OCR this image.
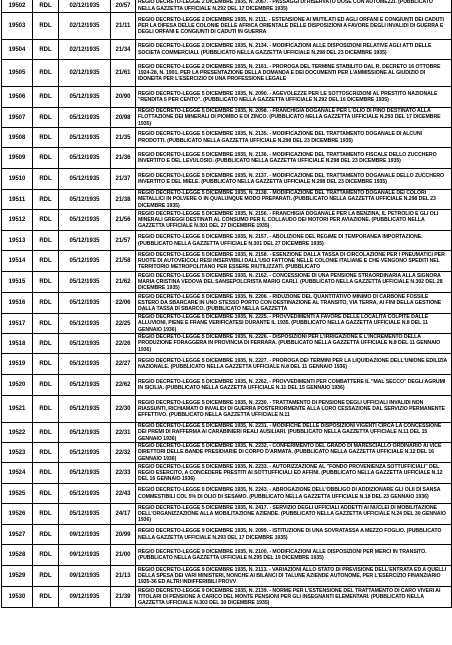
19502	RDL	02/12/1935	20/57	REGIO DECRETO-LEGGE 2 DICEMBRE 1935, N. 2067. - PASSAGGI DI RISERVATO DOSE CON AUTOMEZZI. (PUBBLICATO NELLA GAZZETTA UFFICIALE N.292 DEL 17 DICEMBRE 1935)
19503	RDL	02/12/1935	21/11	REGIO DECRETO-LEGGE 2 DICEMBRE 1935, N. 2111. - ESTENSIONE AI MUTILATI ED AGLI ORFANI E CONGIUNTI DEI CADUTI PER LA DIFESA DELLE COLONIE DELLE AFRICA ORIENTALE DELLE DISPOSIZIONI A FAVORE DEGLI INVALIDI DI GUERRA E DEGLI ORFANI E CONGIUNTI DI CADUTI IN GUERRA
19504	RDL	02/12/1935	21/34	REGIO DECRETO-LEGGE 2 DICEMBRE 1935, N. 2134. - MODIFICAZIONI ALLE DISPOSIZIONI RELATIVE AGLI ATTI DELLE SOCIETA COMMERCIALI. (PUBBLICATO NELLA GAZZETTA UFFICIALE N.298 DEL 23 DICEMBRE 1935)
19505	RDL	02/12/1935	21/61	REGIO DECRETO-LEGGE 2 DICEMBRE 1935, N. 2161. - PROROGA DEL TERMINE STABILITO DAL R. DECRETO 16 OTTOBRE 1924-28, N. 1901, PER LA PRESENTAZIONE DELLA DOMANDA E DEI DOCUMENTI PER L'AMMISSIONE AL GIUDIZIO DI IDONEITA PER L'ESERCIZIO DI UNA PROFESSIONE LEGALE
19506	RDL	05/12/1935	20/90	REGIO DECRETO-LEGGE 5 DICEMBRE 1935, N. 2090. - AGEVOLEZZE PER LE SOTTOSCRIZIONI AL PRESTITO NAZIONALE "RENDITA 5 PER CENTO". (PUBBLICATO NELLA GAZZETTA UFFICIALE N.292 DEL 16 DICEMBRE 1935)
19507	RDL	05/12/1935	20/98	REGIO DECRETO-LEGGE 5 DICEMBRE 1935, N. 2098. - FRANCHIGIA DOGANALE PER L'OLIO DI PINO DESTINATO ALLA FLOTTAZIONE DEI MINERALI DI PIOMBO E DI ZINCO. (PUBBLICATO NELLA GAZZETTA UFFICIALE N.293 DEL 17 DICEMBRE 1935)
19508	RDL	05/12/1935	21/35	REGIO DECRETO-LEGGE 5 DICEMBRE 1935, N. 2135. - MODIFICAZIONE DEL TRATTAMENTO DOGANALE DI ALCUNI PRODOTTI. (PUBBLICATO NELLA GAZZETTA UFFICIALE N.298 DEL 23 DICEMBRE 1935)
19509	RDL	05/12/1935	21/36	REGIO DECRETO-LEGGE 5 DICEMBRE 1935, N. 2136. - MODIFICAZIONE DEL TRATTAMENTO FISCALE DELLO ZUCCHERO INVERTITO E DEL LEVULOSIO. (PUBBLICATO NELLA GAZZETTA UFFICIALE N.298 DEL 23 DICEMBRE 1935)
19510	RDL	05/12/1935	21/37	REGIO DECRETO-LEGGE 5 DICEMBRE 1935, N. 2137. - MODIFICAZIONE DEL TRATTAMENTO DOGANALE DELLO ZUCCHERO INVERTITO E DEL MIELE. (PUBBLICATO NELLA GAZZETTA UFFICIALE N.298 DEL 23 DICEMBRE 1935)
19511	RDL	05/12/1935	21/38	REGIO DECRETO-LEGGE 5 DICEMBRE 1935, N. 2138. - MODIFICAZIONE DEL TRATTAMENTO DOGANALE DEI COLORI METALLICI IN POLVERE O IN QUALUNQUE MODO PREPARATI. (PUBBLICATO NELLA GAZZETTA UFFICIALE N.298 DEL 23 DICEMBRE 1935)
19512	RDL	05/12/1935	21/56	REGIO DECRETO-LEGGE 5 DICEMBRE 1935, N. 2156. - FRANCHIGIA DOGANALE PER LA BENZINA, IL PETROLIO E GLI OLI MINERALI GREGGI DESTINATI AL CONSUMO PER IL COLLAUDO DEI MOTORI PER AVIAZIONE. (PUBBLICATO NELLA GAZZETTA UFFICIALE N.301 DEL 27 DICEMBRE 1935)
19513	RDL	05/12/1935	21/57	REGIO DECRETO-LEGGE 5 DICEMBRE 1935, N. 2157. - ABOLIZIONE DEL REGIME DI TEMPORANEA IMPORTAZIONE. (PUBBLICATO NELLA GAZZETTA UFFICIALE N.301 DEL 27 DICEMBRE 1935)
19514	RDL	05/12/1935	21/58	REGIO DECRETO-LEGGE 5 DICEMBRE 1935, N. 2158. - ESENZIONE DALLA TASSA DI CIRCOLAZIONE PER I PNEUMATICI PER RUOTE DI AUTOVEICOLI RESI INSERVIBILI DALL'USO FATTONE NELLE COLONIE ITALIANE E CHE VENGONO SPEDITI NEL TERRITORIO METROPOLITANO PER ESSERE RIUTILIZZATI. (PUBBLICATO
19515	RDL	05/12/1935	21/62	REGIO DECRETO-LEGGE 5 DICEMBRE 1935, N. 2162. - CONCESSIONE DI UNA PENSIONE STRAORDINARIA ALLA SIGNORA MARIA CRISTINA VEDOVA DEL SANSEPOLCRISTA MARIO CARLI. (PUBBLICATO NELLA GAZZETTA UFFICIALE N.302 DEL 28 DICEMBRE 1935)
19516	RDL	05/12/1935	22/06	REGIO DECRETO-LEGGE 5 DICEMBRE 1935, N. 2206. - RIDUZIONE DEL QUANTITATIVO MINIMO DI CARBONE FOSSILE ESTERO DA SBARCARE IN UNO STESSO PORTO CON DESTINAZIONE AL TRANSITO, VIA TERRA, AI FINI DELLA GESTIONE DALLA TASSA DI SBARCO. (PUBBLICATO NELLA GAZZETTA
19517	RDL	05/12/1935	22/25	REGIO DECRETO-LEGGE 5 DICEMBRE 1935, N. 2225. - PROVVEDIMENTI A FAVORE DELLE LOCALITA COLPITE DALLE ALLUVIONI, PIENE E FRANE VERIFICATESI DURANTE IL 1935. (PUBBLICATO NELLA GAZZETTA UFFICIALE N.8 DEL 11 GENNAIO 1936)
19518	RDL	05/12/1935	22/26	REGIO DECRETO-LEGGE 5 DICEMBRE 1935, N. 2226. - DISPOSIZIONI PER L'IRRIGAZIONE E L'INCREMENTO DELLA PRODUZIONE FORAGGERA IN PROVINCIA DI FERRARA. (PUBBLICATO NELLA GAZZETTA UFFICIALE N.8 DEL 11 GENNAIO 1936)
19519	RDL	05/12/1935	22/27	REGIO DECRETO-LEGGE 5 DICEMBRE 1935, N. 2227. - PROROGA DEI TERMINI PER LA LIQUIDAZIONE DELL'UNIONE EDILIZIA NAZIONALE. (PUBBLICATO NELLA GAZZETTA UFFICIALE N.8 DEL 11 GENNAIO 1936)
19520	RDL	05/12/1935	22/62	REGIO DECRETO-LEGGE 5 DICEMBRE 1935, N. 2262. - PROVVEDIMENTI PER COMBATTERE IL "MAL SECCO" DEGLI AGRUMI IN SICILIA. (PUBBLICATO NELLA GAZZETTA UFFICIALE N.11 DEL 15 GENNAIO 1936)
19521	RDL	05/12/1935	22/30	REGIO DECRETO-LEGGE 5 DICEMBRE 1935, N. 2230. - TRATTAMENTO DI PENSIONE DEGLI UFFICIALI INVALIDI NON RIASSUNTI, RICHIAMATI O INVALIDI DI GUERRA POSTERIORMENTE ALLA LORO CESSAZIONE DAL SERVIZIO PERMANENTE EFFETTIVO. (PUBBLICATO NELLA GAZZETTA UFFICIALE N.11
19522	RDL	05/12/1935	22/31	REGIO DECRETO-LEGGE 5 DICEMBRE 1935, N. 2231. - MODIFICHE DELLE DISPOSIZIONI VIGENTI CIRCA LA CONCESSIONE DEI PREMI DI RAFFERMA AI CARABINIERI REALI AUSILIARI. (PUBBLICATO NELLA GAZZETTA UFFICIALE N.11 DEL 15 GENNAIO 1936)
19523	RDL	05/12/1935	22/32	REGIO DECRETO-LEGGE 5 DICEMBRE 1935, N. 2232. - CONFERIMENTO DEL GRADO DI MARESCIALLO ORDINARIO AI VICE DIRETTORI DELLE BANDE PRESIDIARIE DI CORPO D'ARMATA. (PUBBLICATO NELLA GAZZETTA UFFICIALE N.12 DEL 16 GENNAIO 1936)
19524	RDL	05/12/1935	22/33	REGIO DECRETO-LEGGE 5 DICEMBRE 1935, N. 2233. - AUTORIZZAZIONE AL "FONDO PROVENIENZA SOTTUFFICIALI" DEL REGIO ESERCITO, A CONCEDERE PRESTITI AI SOTTUFFICIALI ED AFFINI. (PUBBLICATO NELLA GAZZETTA UFFICIALE N.12 DEL 16 GENNAIO 1936)
19525	RDL	05/12/1935	22/43	REGIO DECRETO-LEGGE 5 DICEMBRE 1935, N. 2243. - ABROGAZIONE DELL'OBBLIGO DI ADDIZIONARE GLI OLII DI SANSA COMMESTIBILI COL 5% DI OLIO DI SESAMO. (PUBBLICATO NELLA GAZZETTA UFFICIALE N.18 DEL 23 GENNAIO 1936)
19526	RDL	05/12/1935	24/17	REGIO DECRETO-LEGGE 5 DICEMBRE 1935, N. 2417. - SERVIZIO DEGLI UFFICIALI ADDETTI AI NUCLEI DI MOBILITAZIONE DELL'ORGANIZZAZIONE ALLA MOBILITAZIONE AZIENDE. (PUBBLICATO NELLA GAZZETTA UFFICIALE N.24 DEL 30 GENNAIO 1936)
19527	RDL	09/12/1935	20/99	REGIO DECRETO-LEGGE 9 DICEMBRE 1935, N. 2099. - ISTITUZIONE DI UNA SOVRATASSA A MEZZO FOGLIO. (PUBBLICATO NELLA GAZZETTA UFFICIALE N.293 DEL 17 DICEMBRE 1935)
19528	RDL	09/12/1935	21/00	REGIO DECRETO-LEGGE 9 DICEMBRE 1935, N. 2100. - MODIFICAZIONI ALLE DISPOSIZIONI PER MERCI IN TRANSITO. (PUBBLICATO NELLA GAZZETTA UFFICIALE N.295 DEL 19 DICEMBRE 1935)
19529	RDL	09/12/1935	21/13	REGIO DECRETO-LEGGE 9 DICEMBRE 1935, N. 2113. - VARIAZIONI ALLO STATO DI PREVISIONE DELL'ENTRATA ED A QUELLI DELLA SPESA DEI VARI MINISTERI, NONCHE AI BILANCI DI TALUNE AZIENDE AUTONOME, PER L'ESERCIZIO FINANZIARIO 1935-36 ED ALTRI INDIFFERIBILI PROVV
19530	RDL	09/12/1935	21/39	REGIO DECRETO-LEGGE 9 DICEMBRE 1935, N. 2139. - NORME PER L'ESTENSIONE DEL TRATTAMENTO DI CARO VIVERI AI TITOLARI DI PENSIONE A CARICO DEL MONTE PENSIONI PER GLI INSEGNANTI ELEMENTARI. (PUBBLICATO NELLA GAZZETTA UFFICIALE N.303 DEL 30 DICEMBRE 1935)
